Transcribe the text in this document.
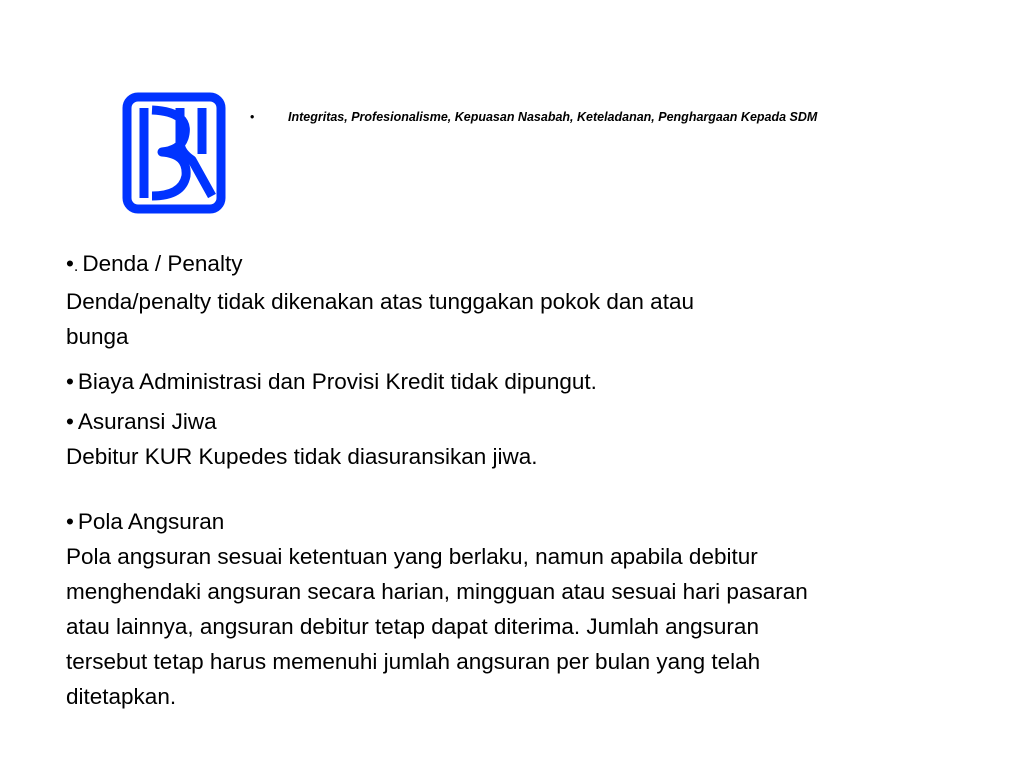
•	Integritas, Profesionalisme, Kepuasan Nasabah, Keteladanan, Penghargaan Kepada SDM
•. Denda / Penalty
Denda/penalty tidak dikenakan atas tunggakan pokok dan atau
bunga
• Biaya Administrasi dan Provisi Kredit tidak dipungut.
• Asuransi Jiwa
Debitur KUR Kupedes tidak diasuransikan jiwa.
• Pola Angsuran
Pola angsuran sesuai ketentuan yang berlaku, namun apabila debitur
menghendaki angsuran secara harian, mingguan atau sesuai hari pasaran
atau lainnya, angsuran debitur tetap dapat diterima. Jumlah angsuran
tersebut tetap harus memenuhi jumlah angsuran per bulan yang telah
ditetapkan.
